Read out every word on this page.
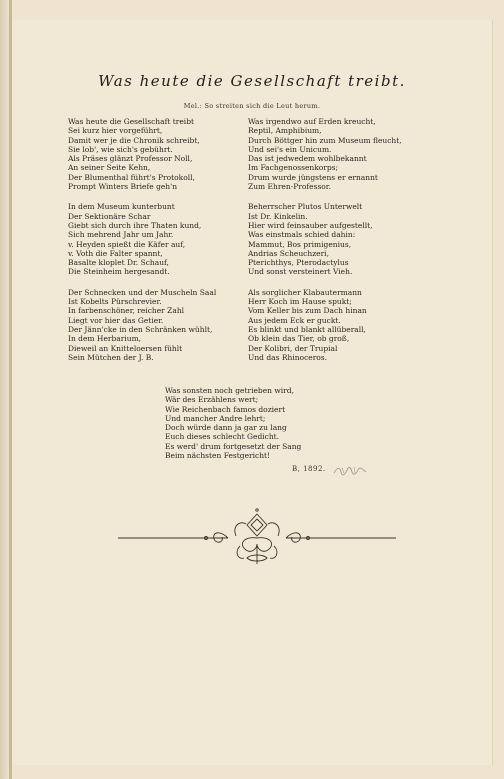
Was heute die Gesellschaft treibt.
Mel.: So streiten sich die Leut herum.
Was heute die Gesellschaft treibt
Sei kurz hier vorgeführt,
Damit wer je die Chronik schreibt,
Sie lob', wie sich's gebührt.
Als Präses glänzt Professor Noll,
An seiner Seite Kehn,
Der Blumenthal führt's Protokoll,
Prompt Winters Briefe geh'n
In dem Museum kunterbunt
Der Sektionäre Schar
Giebt sich durch ihre Thaten kund,
Sich mehrend Jahr um Jahr.
v. Heyden spießt die Käfer auf,
v. Voth die Falter spannt,
Basalte kloplet Dr. Schauf,
Die Steinheim hergesandt.
Der Schnecken und der Muscheln Saal
Ist Kobelts Pürschrevier.
In farbenschöner, reicher Zahl
Liegt vor hier das Getier.
Der Jänn'cke in den Schränken wühlt,
In dem Herbarium,
Dieweil an Knitteloersen fühlt
Sein Mütchen der J. B.
Was irgendwo auf Erden kreucht,
Reptil, Amphibium,
Durch Böttger hin zum Museum fleucht,
Und sei's ein Unicum.
Das ist jedwedem wohlbekannt
Im Fachgenossenkorps;
Drum wurde jüngstens er ernannt
Zum Ehren-Professor.
Beherrscher Plutos Unterwelt
Ist Dr. Kinkelin.
Hier wird feinsauber aufgestellt,
Was einstmals schied dahin:
Mammut, Bos primigenius,
Andrias Scheuchzeri,
Pterichthys, Pterodactylus
Und sonst versteinert Vieh.
Als sorglicher Klabautermann
Herr Koch im Hause spukt;
Vom Keller bis zum Dach hinan
Aus jedem Eck er guckt.
Es blinkt und blankt allüberall,
Ob klein das Tier, ob groß,
Der Kolibri, der Trupial
Und das Rhinoceros.
Was sonsten noch getrieben wird,
Wär des Erzählens wert;
Wie Reichenbach famos doziert
Und mancher Andre lehrt;
Doch würde dann ja gar zu lang
Euch dieses schlecht Gedicht.
Es werd' drum fortgesetzt der Sang
Beim nächsten Festgericht!
B, 1892.
